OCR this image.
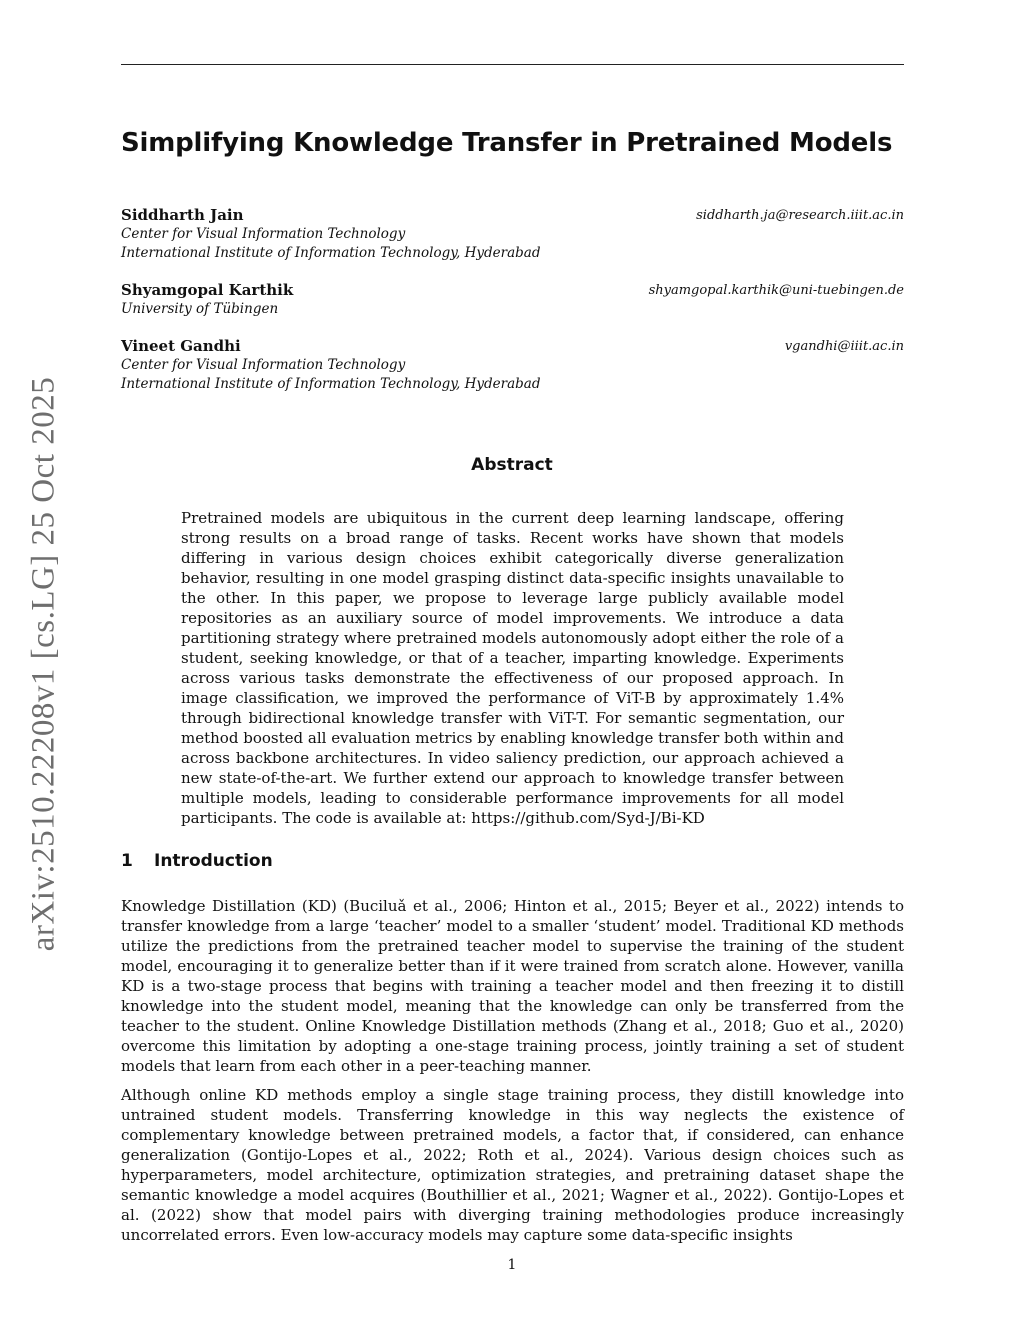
Simplifying Knowledge Transfer in Pretrained Models
Siddharth Jain	siddharth.ja@research.iiit.ac.in
Center for Visual Information Technology
International Institute of Information Technology, Hyderabad
Shyamgopal Karthik	shyamgopal.karthik@uni-tuebingen.de
University of Tübingen
Vineet Gandhi	vgandhi@iiit.ac.in
Center for Visual Information Technology
International Institute of Information Technology, Hyderabad
Abstract

Pretrained models are ubiquitous in the current deep learning landscape, offering strong results on a broad range of tasks. Recent works have shown that models differing in various design choices exhibit categorically diverse generalization behavior, resulting in one model grasping distinct data-specific insights unavailable to the other. In this paper, we propose to leverage large publicly available model repositories as an auxiliary source of model improvements. We introduce a data partitioning strategy where pretrained models autonomously adopt either the role of a student, seeking knowledge, or that of a teacher, imparting knowledge. Experiments across various tasks demonstrate the effectiveness of our proposed approach. In image classification, we improved the performance of ViT-B by approximately 1.4% through bidirectional knowledge transfer with ViT-T. For semantic segmentation, our method boosted all evaluation metrics by enabling knowledge transfer both within and across backbone architectures. In video saliency prediction, our approach achieved a new state-of-the-art. We further extend our approach to knowledge transfer between multiple models, leading to considerable performance improvements for all model participants. The code is available at: https://github.com/Syd-J/Bi-KD

1 Introduction

Knowledge Distillation (KD) (Buciluǎ et al., 2006; Hinton et al., 2015; Beyer et al., 2022) intends to transfer knowledge from a large ‘teacher’ model to a smaller ‘student’ model. Traditional KD methods utilize the predictions from the pretrained teacher model to supervise the training of the student model, encouraging it to generalize better than if it were trained from scratch alone. However, vanilla KD is a two-stage process that begins with training a teacher model and then freezing it to distill knowledge into the student model, meaning that the knowledge can only be transferred from the teacher to the student. Online Knowledge Distillation methods (Zhang et al., 2018; Guo et al., 2020) overcome this limitation by adopting a one-stage training process, jointly training a set of student models that learn from each other in a peer-teaching manner.

Although online KD methods employ a single stage training process, they distill knowledge into untrained student models. Transferring knowledge in this way neglects the existence of complementary knowledge between pretrained models, a factor that, if considered, can enhance generalization (Gontijo-Lopes et al., 2022; Roth et al., 2024). Various design choices such as hyperparameters, model architecture, optimization strategies, and pretraining dataset shape the semantic knowledge a model acquires (Bouthillier et al., 2021; Wagner et al., 2022). Gontijo-Lopes et al. (2022) show that model pairs with diverging training methodologies produce increasingly uncorrelated errors. Even low-accuracy models may capture some data-specific insights

1
arXiv:2510.22208v1 [cs.LG] 25 Oct 2025
